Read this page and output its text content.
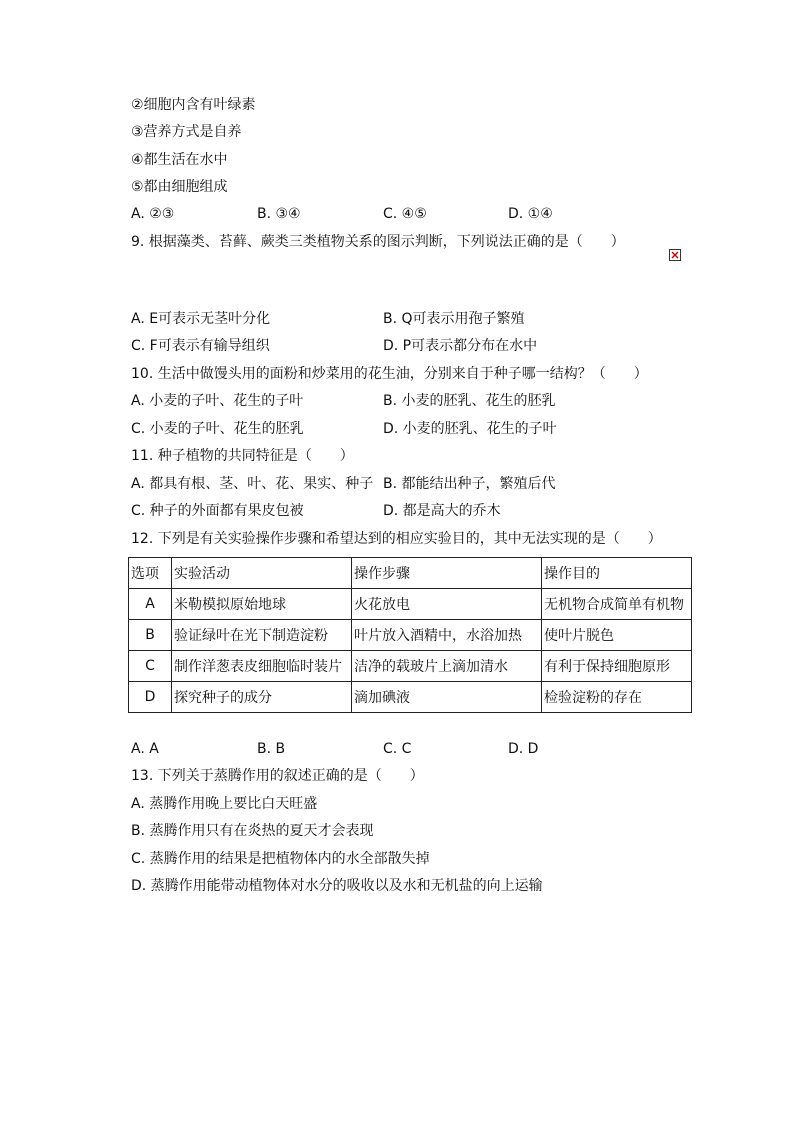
②细胞内含有叶绿素
③营养方式是自养
④都生活在水中
⑤都由细胞组成
A. ②③	B. ③④	C. ④⑤	D. ①④
9. 根据藻类、苔藓、蕨类三类植物关系的图示判断，下列说法正确的是（　　）
A. E可表示无茎叶分化	B. Q可表示用孢子繁殖
C. F可表示有输导组织	D. P可表示都分布在水中
10. 生活中做馒头用的面粉和炒菜用的花生油，分别来自于种子哪一结构？（　　）
A. 小麦的子叶、花生的子叶	B. 小麦的胚乳、花生的胚乳
C. 小麦的子叶、花生的胚乳	D. 小麦的胚乳、花生的子叶
11. 种子植物的共同特征是（　　）
A. 都具有根、茎、叶、花、果实、种子 B. 都能结出种子，繁殖后代
C. 种子的外面都有果皮包被	D. 都是高大的乔木
12. 下列是有关实验操作步骤和希望达到的相应实验目的，其中无法实现的是（　　）
选项	实验活动	操作步骤	操作目的
A	米勒模拟原始地球	火花放电	无机物合成简单有机物
B	验证绿叶在光下制造淀粉	叶片放入酒精中，水浴加热	使叶片脱色
C	制作洋葱表皮细胞临时装片	洁净的载玻片上滴加清水	有利于保持细胞原形
D	探究种子的成分	滴加碘液	检验淀粉的存在
A. A	B. B	C. C	D. D
13. 下列关于蒸腾作用的叙述正确的是（　　）
A. 蒸腾作用晚上要比白天旺盛
B. 蒸腾作用只有在炎热的夏天才会表现
C. 蒸腾作用的结果是把植物体内的水全部散失掉
D. 蒸腾作用能带动植物体对水分的吸收以及水和无机盐的向上运输
